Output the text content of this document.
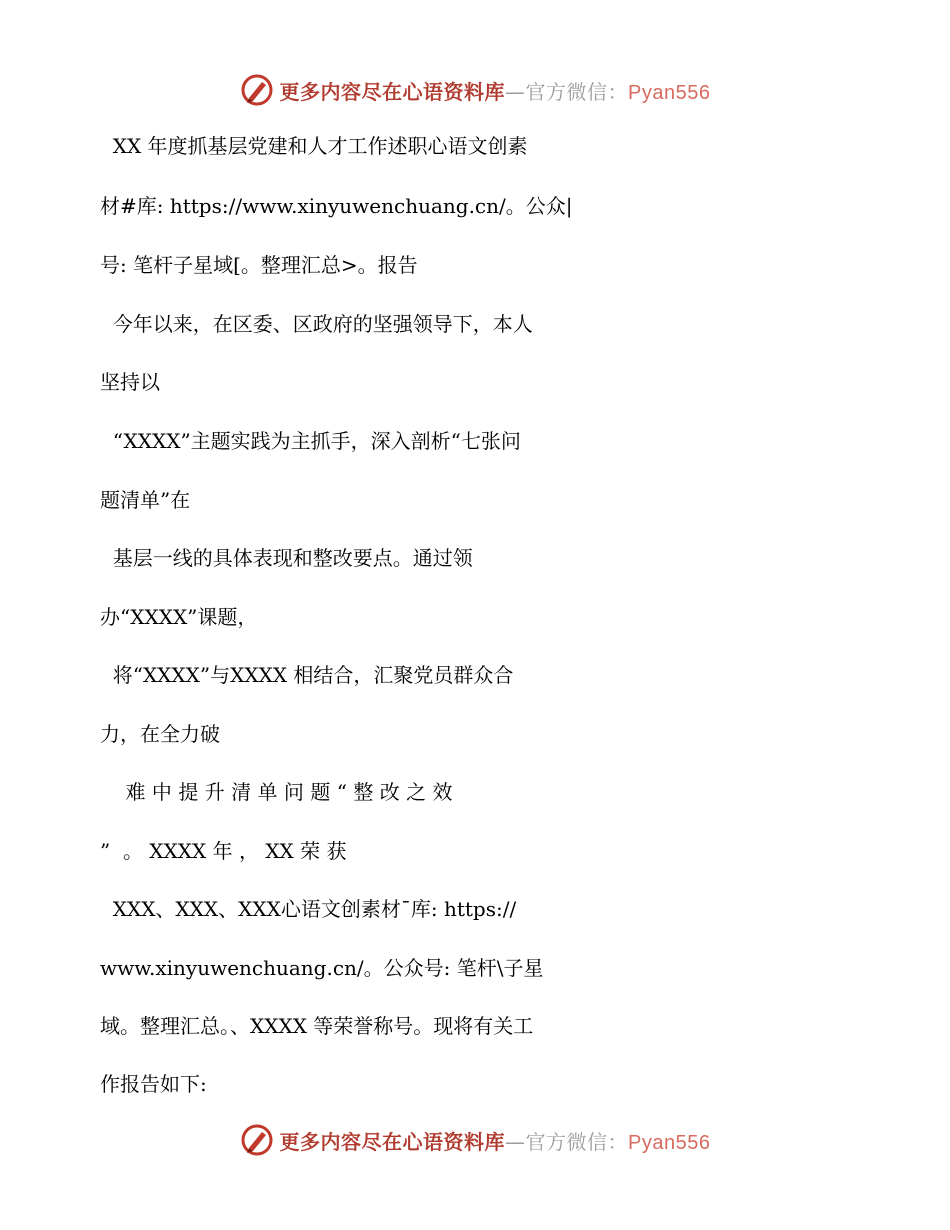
更多内容尽在心语资料库—官方微信：Pyan556
XX 年度抓基层党建和人才工作述职心语文创素
材#库: https://www.xinyuwenchuang.cn/。公众|
号: 笔杆子星域[。整理汇总>。报告
今年以来，在区委、区政府的坚强领导下，本人
坚持以
“XXXX”主题实践为主抓手，深入剖析“七张问
题清单”在
基层一线的具体表现和整改要点。通过领
办“XXXX”课题，
将“XXXX”与XXXX 相结合，汇聚党员群众合
力，在全力破
难中提升清单问题“整改之效
”  。 XXXX 年 ， XX 荣 获
XXX、XXX、XXX心语文创素材¯库: https://
www.xinyuwenchuang.cn/。公众号: 笔杆\子星
域。整理汇总。、XXXX 等荣誉称号。现将有关工
作报告如下:
更多内容尽在心语资料库—官方微信：Pyan556
